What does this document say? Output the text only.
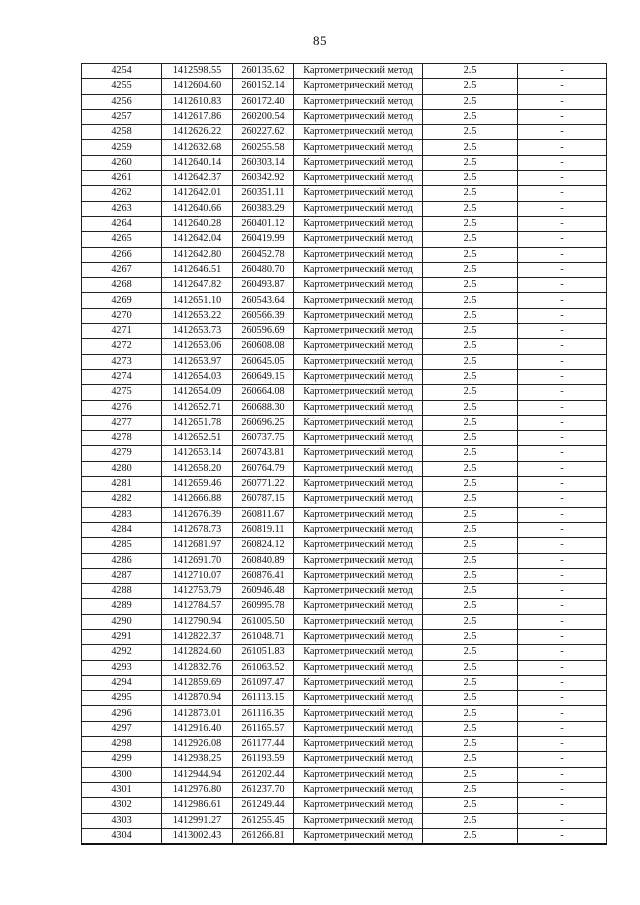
85
4254	1412598.55	260135.62	Картометрический метод	2.5	-
4255	1412604.60	260152.14	Картометрический метод	2.5	-
4256	1412610.83	260172.40	Картометрический метод	2.5	-
4257	1412617.86	260200.54	Картометрический метод	2.5	-
4258	1412626.22	260227.62	Картометрический метод	2.5	-
4259	1412632.68	260255.58	Картометрический метод	2.5	-
4260	1412640.14	260303.14	Картометрический метод	2.5	-
4261	1412642.37	260342.92	Картометрический метод	2.5	-
4262	1412642.01	260351.11	Картометрический метод	2.5	-
4263	1412640.66	260383.29	Картометрический метод	2.5	-
4264	1412640.28	260401.12	Картометрический метод	2.5	-
4265	1412642.04	260419.99	Картометрический метод	2.5	-
4266	1412642.80	260452.78	Картометрический метод	2.5	-
4267	1412646.51	260480.70	Картометрический метод	2.5	-
4268	1412647.82	260493.87	Картометрический метод	2.5	-
4269	1412651.10	260543.64	Картометрический метод	2.5	-
4270	1412653.22	260566.39	Картометрический метод	2.5	-
4271	1412653.73	260596.69	Картометрический метод	2.5	-
4272	1412653.06	260608.08	Картометрический метод	2.5	-
4273	1412653.97	260645.05	Картометрический метод	2.5	-
4274	1412654.03	260649.15	Картометрический метод	2.5	-
4275	1412654.09	260664.08	Картометрический метод	2.5	-
4276	1412652.71	260688.30	Картометрический метод	2.5	-
4277	1412651.78	260696.25	Картометрический метод	2.5	-
4278	1412652.51	260737.75	Картометрический метод	2.5	-
4279	1412653.14	260743.81	Картометрический метод	2.5	-
4280	1412658.20	260764.79	Картометрический метод	2.5	-
4281	1412659.46	260771.22	Картометрический метод	2.5	-
4282	1412666.88	260787.15	Картометрический метод	2.5	-
4283	1412676.39	260811.67	Картометрический метод	2.5	-
4284	1412678.73	260819.11	Картометрический метод	2.5	-
4285	1412681.97	260824.12	Картометрический метод	2.5	-
4286	1412691.70	260840.89	Картометрический метод	2.5	-
4287	1412710.07	260876.41	Картометрический метод	2.5	-
4288	1412753.79	260946.48	Картометрический метод	2.5	-
4289	1412784.57	260995.78	Картометрический метод	2.5	-
4290	1412790.94	261005.50	Картометрический метод	2.5	-
4291	1412822.37	261048.71	Картометрический метод	2.5	-
4292	1412824.60	261051.83	Картометрический метод	2.5	-
4293	1412832.76	261063.52	Картометрический метод	2.5	-
4294	1412859.69	261097.47	Картометрический метод	2.5	-
4295	1412870.94	261113.15	Картометрический метод	2.5	-
4296	1412873.01	261116.35	Картометрический метод	2.5	-
4297	1412916.40	261165.57	Картометрический метод	2.5	-
4298	1412926.08	261177.44	Картометрический метод	2.5	-
4299	1412938.25	261193.59	Картометрический метод	2.5	-
4300	1412944.94	261202.44	Картометрический метод	2.5	-
4301	1412976.80	261237.70	Картометрический метод	2.5	-
4302	1412986.61	261249.44	Картометрический метод	2.5	-
4303	1412991.27	261255.45	Картометрический метод	2.5	-
4304	1413002.43	261266.81	Картометрический метод	2.5	-
